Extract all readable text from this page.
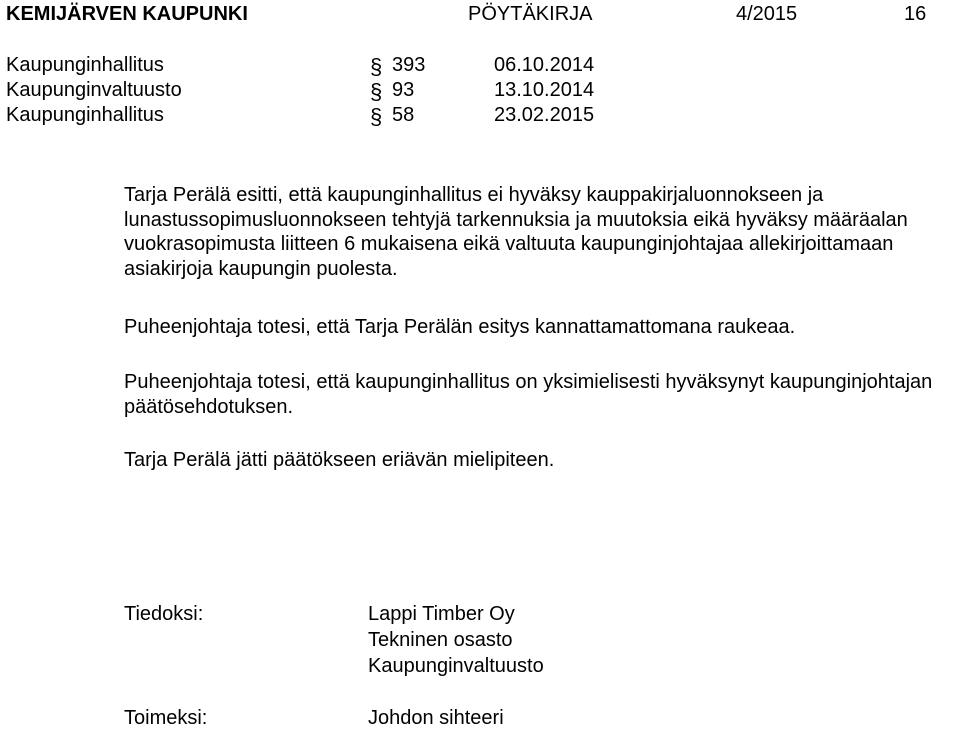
KEMIJÄRVEN KAUPUNKI	PÖYTÄKIRJA	4/2015	16
Kaupunginhallitus	§ 393	06.10.2014
Kaupunginvaltuusto	§ 93	13.10.2014
Kaupunginhallitus	§ 58	23.02.2015

Tarja Perälä esitti, että kaupunginhallitus ei hyväksy kauppakirjaluonnokseen ja lunastussopimusluonnokseen tehtyjä tarkennuksia ja muutoksia eikä hyväksy määräalan vuokrasopimusta liitteen 6 mukaisena eikä valtuuta kaupunginjohtajaa allekirjoittamaan asiakirjoja kaupungin puolesta.

Puheenjohtaja totesi, että Tarja Perälän esitys kannattamattomana raukeaa.

Puheenjohtaja totesi, että kaupunginhallitus on yksimielisesti hyväksynyt kaupunginjohtajan päätösehdotuksen.

Tarja Perälä jätti päätökseen eriävän mielipiteen.

Tiedoksi:	Lappi Timber Oy
Tekninen osasto
Kaupunginvaltuusto
Toimeksi:	Johdon sihteeri
